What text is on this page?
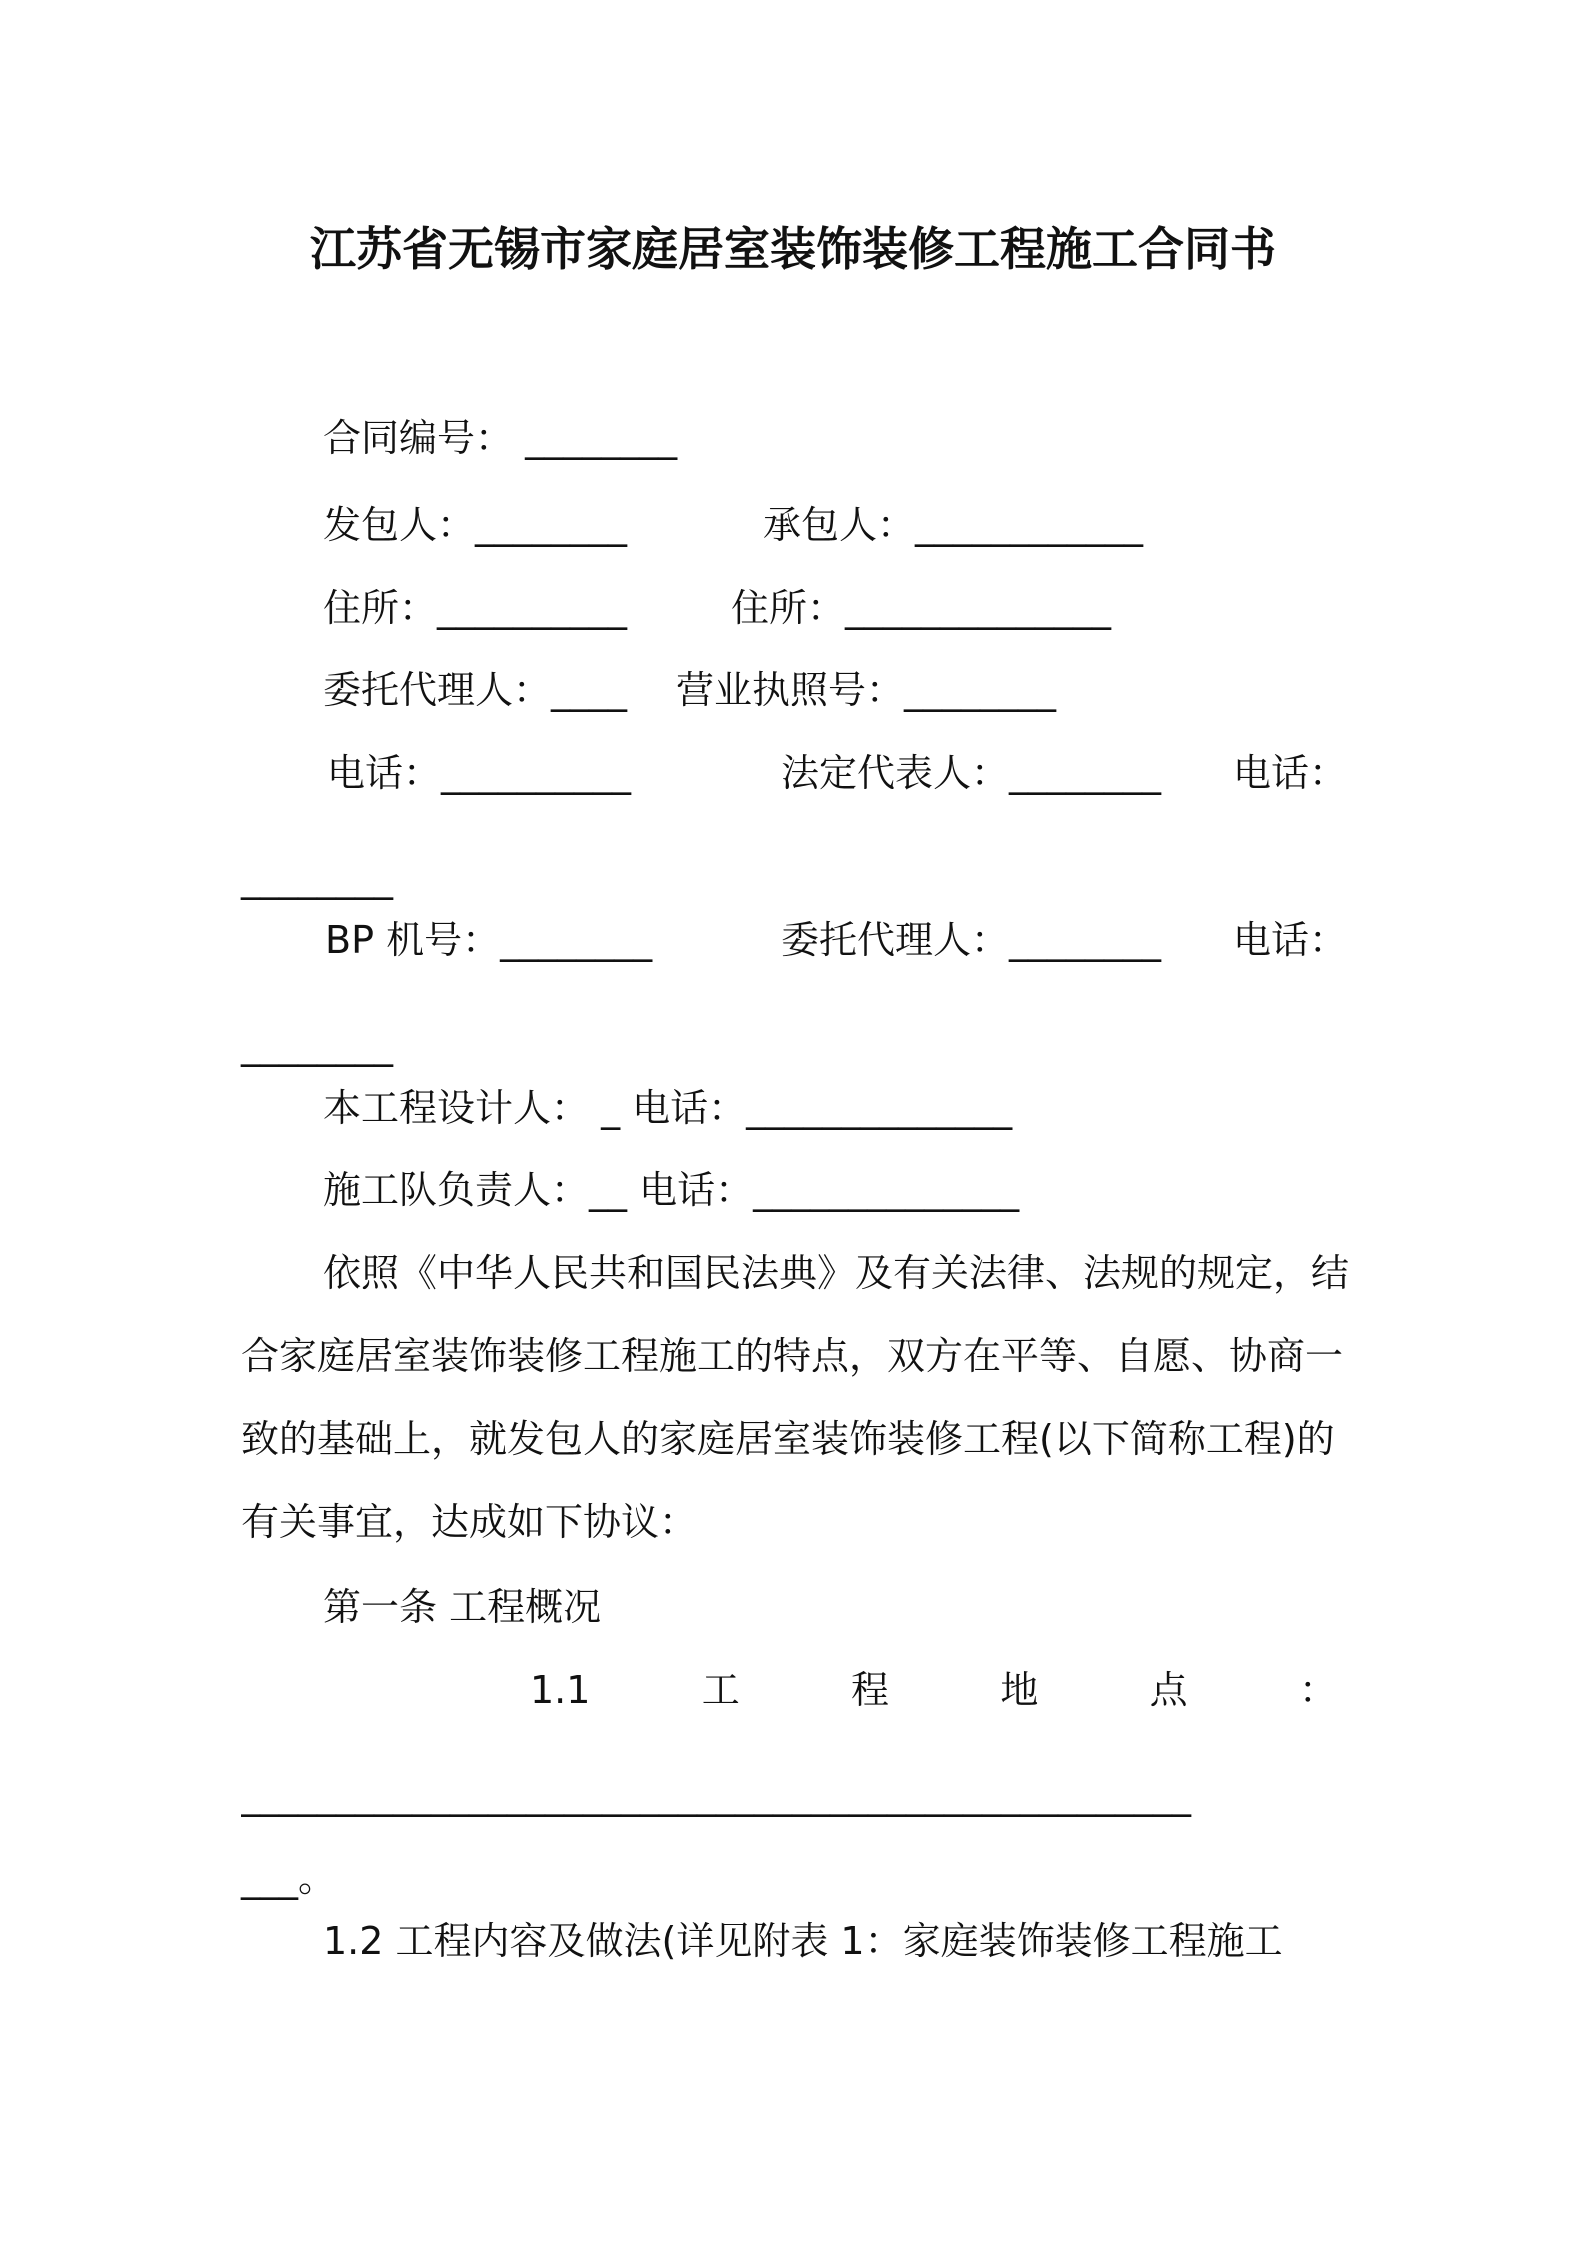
江苏省无锡市家庭居室装饰装修工程施工合同书
合同编号： ________
发包人：________	承包人：____________
住所：__________	住所：______________
委托代理人：____ 营业执照号：________
电话：__________	法定代表人：________ 电话：
________
BP 机号：________	委托代理人：________ 电话：
________
本工程设计人： _ 电话：______________
施工队负责人：__ 电话：______________
依照《中华人民共和国民法典》及有关法律、法规的规定，结合家庭居室装饰装修工程施工的特点，双方在平等、自愿、协商一致的基础上，就发包人的家庭居室装饰装修工程(以下简称工程)的有关事宜，达成如下协议：
第一条 工程概况
1.1	工	程	地	点	：
__________________________________________________
___。
1.2 工程内容及做法(详见附表 1：家庭装饰装修工程施工
